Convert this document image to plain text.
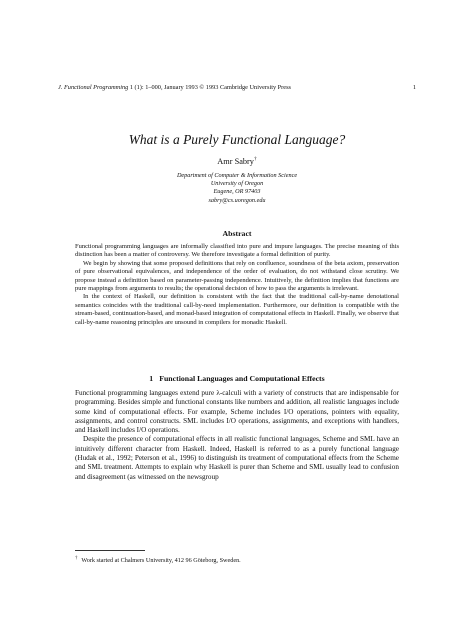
J. Functional Programming 1 (1): 1–000, January 1993 © 1993 Cambridge University Press	1
What is a Purely Functional Language?
Amr Sabry†
Department of Computer & Information Science
University of Oregon
Eugene, OR 97403
sabry@cs.uoregon.edu
Abstract

Functional programming languages are informally classified into pure and impure languages. The precise meaning of this distinction has been a matter of controversy. We therefore investigate a formal definition of purity.

We begin by showing that some proposed definitions that rely on confluence, soundness of the beta axiom, preservation of pure observational equivalences, and independence of the order of evaluation, do not withstand close scrutiny. We propose instead a definition based on parameter-passing independence. Intuitively, the definition implies that functions are pure mappings from arguments to results; the operational decision of how to pass the arguments is irrelevant.

In the context of Haskell, our definition is consistent with the fact that the traditional call-by-name denotational semantics coincides with the traditional call-by-need implementation. Furthermore, our definition is compatible with the stream-based, continuation-based, and monad-based integration of computational effects in Haskell. Finally, we observe that call-by-name reasoning principles are unsound in compilers for monadic Haskell.

1 Functional Languages and Computational Effects

Functional programming languages extend pure λ-calculi with a variety of constructs that are indispensable for programming. Besides simple and functional constants like numbers and addition, all realistic languages include some kind of computational effects. For example, Scheme includes I/O operations, pointers with equality, assignments, and control constructs. SML includes I/O operations, assignments, and exceptions with handlers, and Haskell includes I/O operations.

Despite the presence of computational effects in all realistic functional languages, Scheme and SML have an intuitively different character from Haskell. Indeed, Haskell is referred to as a purely functional language (Hudak et al., 1992; Peterson et al., 1996) to distinguish its treatment of computational effects from the Scheme and SML treatment. Attempts to explain why Haskell is purer than Scheme and SML usually lead to confusion and disagreement (as witnessed on the newsgroup

† Work started at Chalmers University, 412 96 Göteborg, Sweden.
